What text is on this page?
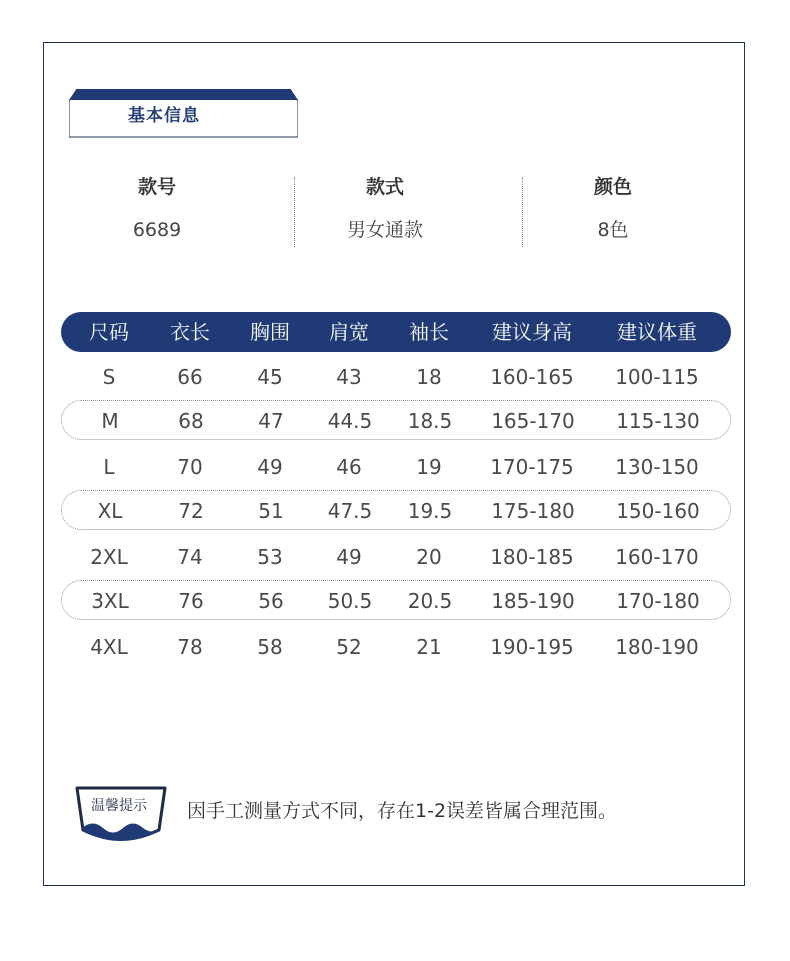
基本信息
款号
6689
款式
男女通款
颜色
8色
尺码 衣长 胸围 肩宽 袖长 建议身高 建议体重
S	66	45	43	18 160-165 100-115
M	68	47 44.5 18.5 165-170 115-130
L	70	49	46	19 170-175 130-150
XL	72	51 47.5 19.5 175-180 150-160
2XL 74	53	49	20 180-185 160-170
3XL 76	56 50.5 20.5 185-190 170-180
4XL 78	58	52	21 190-195 180-190
温馨提示	因手工测量方式不同，存在1-2误差皆属合理范围。
